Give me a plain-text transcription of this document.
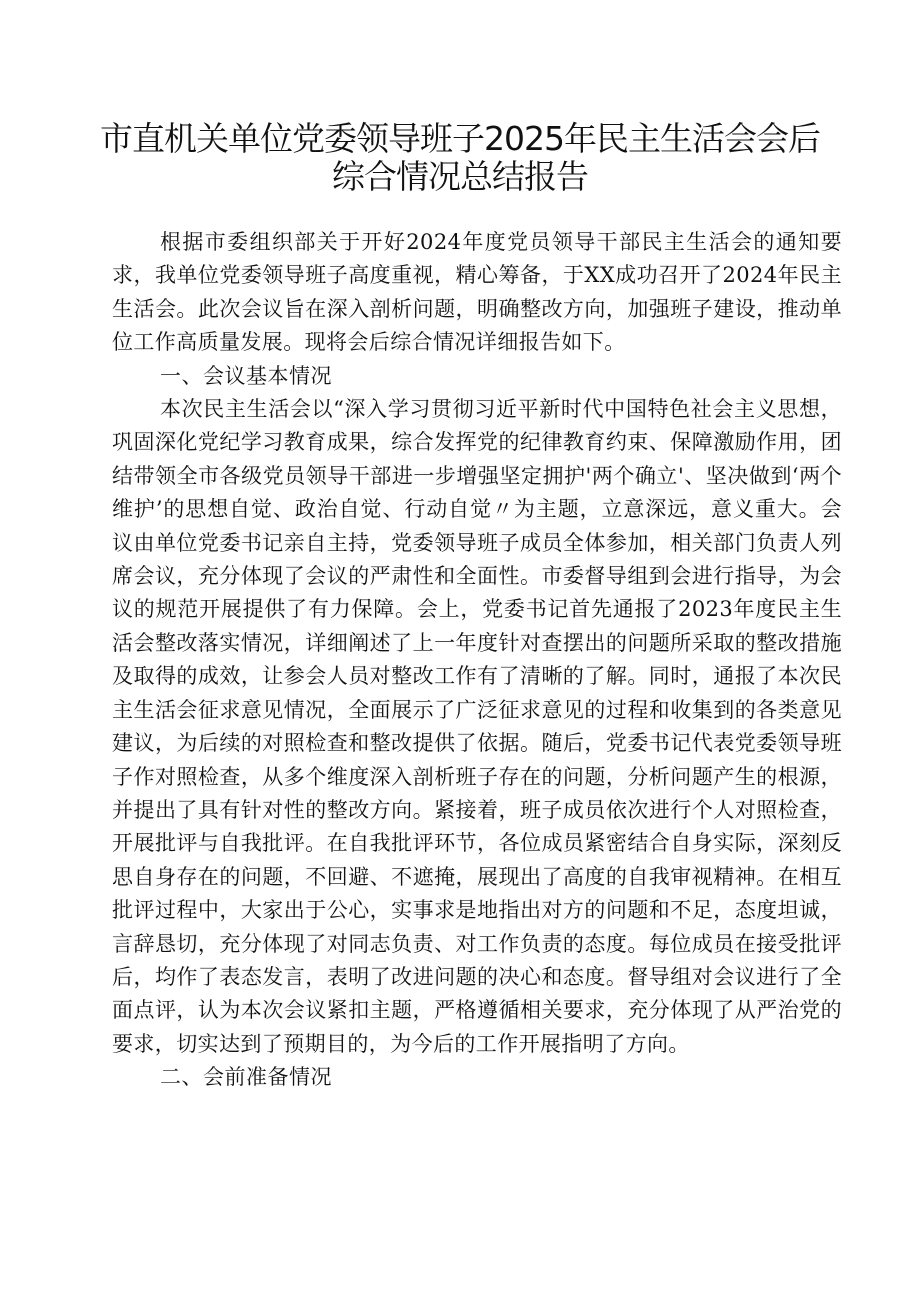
市直机关单位党委领导班子2025年民主生活会会后
综合情况总结报告

根据市委组织部关于开好2024年度党员领导干部民主生活会的通知要求，我单位党委领导班子高度重视，精心筹备，于XX成功召开了2024年民主生活会。此次会议旨在深入剖析问题，明确整改方向，加强班子建设，推动单位工作高质量发展。现将会后综合情况详细报告如下。

一、会议基本情况

本次民主生活会以“深入学习贯彻习近平新时代中国特色社会主义思想，巩固深化党纪学习教育成果，综合发挥党的纪律教育约束、保障激励作用，团结带领全市各级党员领导干部进一步增强坚定拥护'两个确立'、坚决做到‘两个维护’的思想自觉、政治自觉、行动自觉〃为主题，立意深远，意义重大。会议由单位党委书记亲自主持，党委领导班子成员全体参加，相关部门负责人列席会议，充分体现了会议的严肃性和全面性。市委督导组到会进行指导，为会议的规范开展提供了有力保障。会上，党委书记首先通报了2023年度民主生活会整改落实情况，详细阐述了上一年度针对查摆出的问题所采取的整改措施及取得的成效，让参会人员对整改工作有了清晰的了解。同时，通报了本次民主生活会征求意见情况，全面展示了广泛征求意见的过程和收集到的各类意见建议，为后续的对照检查和整改提供了依据。随后，党委书记代表党委领导班子作对照检查，从多个维度深入剖析班子存在的问题，分析问题产生的根源，并提出了具有针对性的整改方向。紧接着，班子成员依次进行个人对照检查，开展批评与自我批评。在自我批评环节，各位成员紧密结合自身实际，深刻反思自身存在的问题，不回避、不遮掩，展现出了高度的自我审视精神。在相互批评过程中，大家出于公心，实事求是地指出对方的问题和不足，态度坦诚，言辞恳切，充分体现了对同志负责、对工作负责的态度。每位成员在接受批评后，均作了表态发言，表明了改进问题的决心和态度。督导组对会议进行了全面点评，认为本次会议紧扣主题，严格遵循相关要求，充分体现了从严治党的要求，切实达到了预期目的，为今后的工作开展指明了方向。

二、会前准备情况
